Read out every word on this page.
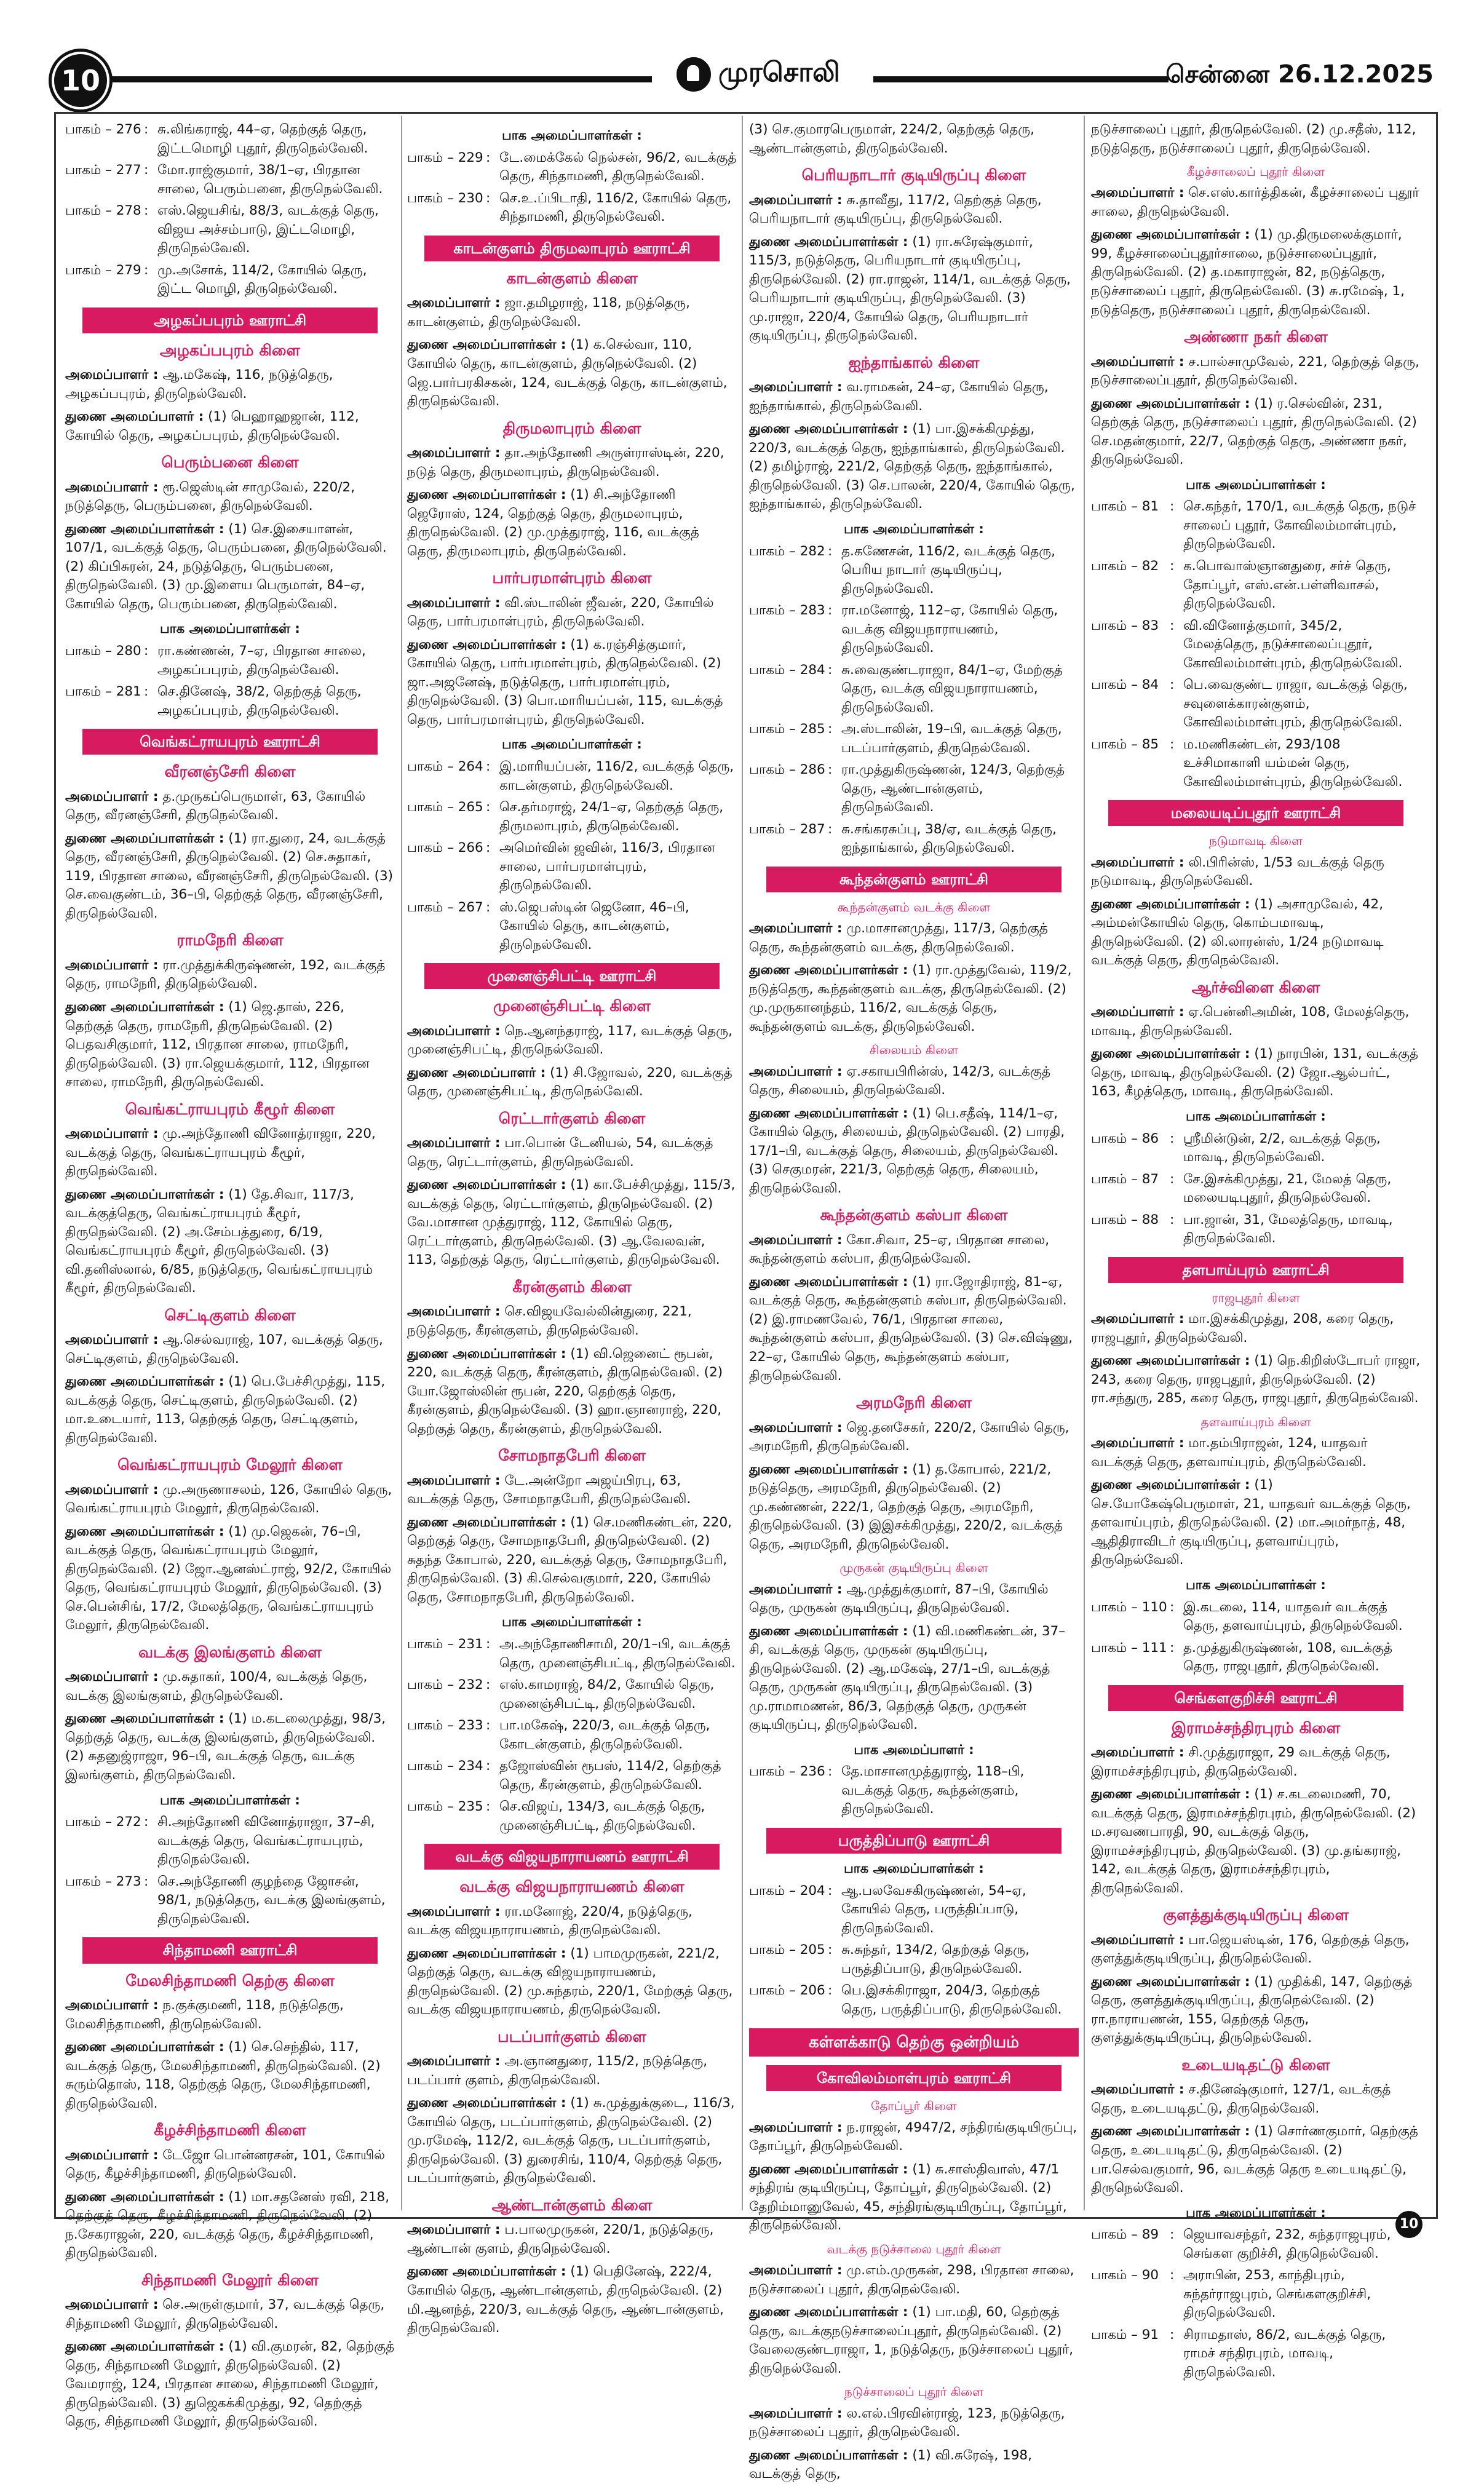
10	முரசொலி	சென்னை 26.12.2025
பாகம் – 276 : சு.லிங்கராஜ், 44–ஏ, தெற்குத் தெரு, இட்டமொழி புதூர், திருநெல்வேலி.
பாகம் – 277 : மோ.ராஜ்குமார், 38/1–ஏ, பிரதான சாலை, பெரும்பனை, திருநெல்வேலி.
பாகம் – 278 : எஸ்.ஜெயசிங், 88/3, வடக்குத் தெரு, விஜய அச்சம்பாடு, இட்டமொழி, திருநெல்வேலி.
பாகம் – 279 : மு.அசோக், 114/2, கோயில் தெரு, இட்ட மொழி, திருநெல்வேலி.
அழகப்பபுரம் ஊராட்சி
அழகப்பபுரம் கிளை

அமைப்பாளர் : ஆ.மகேஷ், 116, நடுத்தெரு, அழகப்பபுரம், திருநெல்வேலி.

துணை அமைப்பாளர் : (1) பெஹாஹஜான், 112, கோயில் தெரு, அழகப்பபுரம், திருநெல்வேலி.

பெரும்பனை கிளை

அமைப்பாளர் : ரூ.ஜெஸ்டின் சாமுவேல், 220/2, நடுத்தெரு, பெரும்பனை, திருநெல்வேலி.

துணை அமைப்பாளர்கள் : (1) செ.இசையாளன், 107/1, வடக்குத் தெரு, பெரும்பனை, திருநெல்வேலி. (2) கிப்பிசுரன், 24, நடுத்தெரு, பெரும்பனை, திருநெல்வேலி. (3) மு.இளைய பெருமாள், 84–ஏ, கோயில் தெரு, பெரும்பனை, திருநெல்வேலி.

பாக அமைப்பாளர்கள் :
பாகம் – 280 : ரா.கண்ணன், 7–ஏ, பிரதான சாலை, அழகப்பபுரம், திருநெல்வேலி.
பாகம் – 281 : செ.தினேஷ், 38/2, தெற்குத் தெரு, அழகப்பபுரம், திருநெல்வேலி.
வெங்கட்ராயபுரம் ஊராட்சி
வீரனஞ்சேரி கிளை

அமைப்பாளர் : த.முருகப்பெருமாள், 63, கோயில் தெரு, வீரனஞ்சேரி, திருநெல்வேலி.

துணை அமைப்பாளர்கள் : (1) ரா.துரை, 24, வடக்குத் தெரு, வீரனஞ்சேரி, திருநெல்வேலி. (2) செ.சுதாகர், 119, பிரதான சாலை, வீரனஞ்சேரி, திருநெல்வேலி. (3) செ.வைகுண்டம், 36–பி, தெற்குத் தெரு, வீரனஞ்சேரி, திருநெல்வேலி.

ராமநேரி கிளை

அமைப்பாளர் : ரா.முத்துக்கிருஷ்ணன், 192, வடக்குத் தெரு, ராமநேரி, திருநெல்வேலி.

துணை அமைப்பாளர்கள் : (1) ஜெ.தாஸ், 226, தெற்குத் தெரு, ராமநேரி, திருநெல்வேலி. (2) பெதவசிகுமார், 112, பிரதான சாலை, ராமநேரி, திருநெல்வேலி. (3) ரா.ஜெயக்குமார், 112, பிரதான சாலை, ராமநேரி, திருநெல்வேலி.

வெங்கட்ராயபுரம் கீழூர் கிளை

அமைப்பாளர் : மு.அந்தோணி வினோத்ராஜா, 220, வடக்குத் தெரு, வெங்கட்ராயபுரம் கீழூர், திருநெல்வேலி.

துணை அமைப்பாளர்கள் : (1) தே.சிவா, 117/3, வடக்குத்தெரு, வெங்கட்ராயபுரம் கீழூர், திருநெல்வேலி. (2) அ.சேம்பத்துரை, 6/19, வெங்கட்ராயபுரம் கீழூர், திருநெல்வேலி. (3) வி.தனிஸ்லால், 6/85, நடுத்தெரு, வெங்கட்ராயபுரம் கீழூர், திருநெல்வேலி.

செட்டிகுளம் கிளை

அமைப்பாளர் : ஆ.செல்வராஜ், 107, வடக்குத் தெரு, செட்டிகுளம், திருநெல்வேலி.

துணை அமைப்பாளர்கள் : (1) பெ.பேச்சிமுத்து, 115, வடக்குத் தெரு, செட்டிகுளம், திருநெல்வேலி. (2) மா.உடையார், 113, தெற்குத் தெரு, செட்டிகுளம், திருநெல்வேலி.

வெங்கட்ராயபுரம் மேலூர் கிளை

அமைப்பாளர் : மு.அருணாசலம், 126, கோயில் தெரு, வெங்கட்ராயபுரம் மேலூர், திருநெல்வேலி.

துணை அமைப்பாளர்கள் : (1) மு.ஜெகன், 76–பி, வடக்குத் தெரு, வெங்கட்ராயபுரம் மேலூர், திருநெல்வேலி. (2) ஜோ.ஆனஸ்ட்ராஜ், 92/2, கோயில் தெரு, வெங்கட்ராயபுரம் மேலூர், திருநெல்வேலி. (3) செ.பென்சிங், 17/2, மேலத்தெரு, வெங்கட்ராயபுரம் மேலூர், திருநெல்வேலி.

வடக்கு இலங்குளம் கிளை

அமைப்பாளர் : மு.சுதாகர், 100/4, வடக்குத் தெரு, வடக்கு இலங்குளம், திருநெல்வேலி.

துணை அமைப்பாளர்கள் : (1) ம.கடலைமுத்து, 98/3, தெற்குத் தெரு, வடக்கு இலங்குளம், திருநெல்வேலி. (2) சுதனுஜ்ராஜா, 96–பி, வடக்குத் தெரு, வடக்கு இலங்குளம், திருநெல்வேலி.

பாக அமைப்பாளர்கள் :
பாகம் – 272 : சி.அந்தோணி வினோத்ராஜா, 37–சி, வடக்குத் தெரு, வெங்கட்ராயபுரம், திருநெல்வேலி.
பாகம் – 273 : செ.அந்தோணி குழந்தை ஜோசன், 98/1, நடுத்தெரு, வடக்கு இலங்குளம், திருநெல்வேலி.
சிந்தாமணி ஊராட்சி
மேலசிந்தாமணி தெற்கு கிளை

அமைப்பாளர் : ந.குக்குமணி, 118, நடுத்தெரு, மேலசிந்தாமணி, திருநெல்வேலி.

துணை அமைப்பாளர்கள் : (1) செ.செந்தில், 117, வடக்குத் தெரு, மேலசிந்தாமணி, திருநெல்வேலி. (2) சுரும்தொஸ், 118, தெற்குத் தெரு, மேலசிந்தாமணி, திருநெல்வேலி.

கீழச்சிந்தாமணி கிளை

அமைப்பாளர் : டேஜோ பொன்னரசன், 101, கோயில் தெரு, கீழச்சிந்தாமணி, திருநெல்வேலி.

துணை அமைப்பாளர்கள் : (1) மா.சதனேஸ் ரவி, 218, தெற்குத் தெரு, கீழச்சிந்தாமணி, திருநெல்வேலி. (2) ந.சேகராஜன், 220, வடக்குத் தெரு, கீழச்சிந்தாமணி, திருநெல்வேலி.

சிந்தாமணி மேலூர் கிளை

அமைப்பாளர் : செ.அருள்குமார், 37, வடக்குத் தெரு, சிந்தாமணி மேலூர், திருநெல்வேலி.

துணை அமைப்பாளர்கள் : (1) வி.குமரன், 82, தெற்குத் தெரு, சிந்தாமணி மேலூர், திருநெல்வேலி. (2) வேமராஜ், 124, பிரதான சாலை, சிந்தாமணி மேலூர், திருநெல்வேலி. (3) துஜெகக்கிமுத்து, 92, தெற்குத் தெரு, சிந்தாமணி மேலூர், திருநெல்வேலி.

பாக அமைப்பாளர்கள் :
பாகம் – 229 : டே.மைக்கேல் நெல்சன், 96/2, வடக்குத் தெரு, சிந்தாமணி, திருநெல்வேலி.
பாகம் – 230 : செ.உ.ப்பிடாதி, 116/2, கோயில் தெரு, சிந்தாமணி, திருநெல்வேலி.
காடன்குளம் திருமலாபுரம் ஊராட்சி
காடன்குளம் கிளை

அமைப்பாளர் : ஜா.தமிழராஜ், 118, நடுத்தெரு, காடன்குளம், திருநெல்வேலி.

துணை அமைப்பாளர்கள் : (1) க.செல்வா, 110, கோயில் தெரு, காடன்குளம், திருநெல்வேலி. (2) ஜெ.பார்பரகிசகன், 124, வடக்குத் தெரு, காடன்குளம், திருநெல்வேலி.

திருமலாபுரம் கிளை

அமைப்பாளர் : தா.அந்தோணி அருள்ராஸ்டின், 220, நடுத் தெரு, திருமலாபுரம், திருநெல்வேலி.

துணை அமைப்பாளர்கள் : (1) சி.அந்தோணி ஜெரோஸ், 124, தெற்குத் தெரு, திருமலாபுரம், திருநெல்வேலி. (2) மு.முத்துராஜ், 116, வடக்குத் தெரு, திருமலாபுரம், திருநெல்வேலி.

பார்பரமாள்புரம் கிளை

அமைப்பாளர் : வி.ஸ்டாலின் ஜீவன், 220, கோயில் தெரு, பார்பரமாள்புரம், திருநெல்வேலி.

துணை அமைப்பாளர்கள் : (1) க.ரஞ்சித்குமார், கோயில் தெரு, பார்பரமாள்புரம், திருநெல்வேலி. (2) ஜா.அஜனேஷ், நடுத்தெரு, பார்பரமாள்புரம், திருநெல்வேலி. (3) பொ.மாரியப்பன், 115, வடக்குத் தெரு, பார்பரமாள்புரம், திருநெல்வேலி.

பாக அமைப்பாளர்கள் :
பாகம் – 264 : இ.மாரியப்பன், 116/2, வடக்குத் தெரு, காடன்குளம், திருநெல்வேலி.
பாகம் – 265 : செ.தர்மராஜ், 24/1–ஏ, தெற்குத் தெரு, திருமலாபுரம், திருநெல்வேலி.
பாகம் – 266 : அமெர்வின் ஜவின், 116/3, பிரதான சாலை, பார்பரமாள்புரம், திருநெல்வேலி.
பாகம் – 267 : ஸ்.ஜெபஸ்டின் ஜெனோ, 46–பி, கோயில் தெரு, காடன்குளம், திருநெல்வேலி.
முனைஞ்சிபட்டி ஊராட்சி
முனைஞ்சிபட்டி கிளை

அமைப்பாளர் : நெ.ஆனந்தராஜ், 117, வடக்குத் தெரு, முனைஞ்சிபட்டி, திருநெல்வேலி.

துணை அமைப்பாளர் : (1) சி.ஜோவல், 220, வடக்குத் தெரு, முனைஞ்சிபட்டி, திருநெல்வேலி.

ரெட்டார்குளம் கிளை

அமைப்பாளர் : பா.பொன் டேனியல், 54, வடக்குத் தெரு, ரெட்டார்குளம், திருநெல்வேலி.

துணை அமைப்பாளர்கள் : (1) கா.பேச்சிமுத்து, 115/3, வடக்குத் தெரு, ரெட்டார்குளம், திருநெல்வேலி. (2) வே.மாசான முத்துராஜ், 112, கோயில் தெரு, ரெட்டார்குளம், திருநெல்வேலி. (3) ஆ.வேலவன், 113, தெற்குத் தெரு, ரெட்டார்குளம், திருநெல்வேலி.

கீரன்குளம் கிளை

அமைப்பாளர் : செ.விஜயவேல்லின்துரை, 221, நடுத்தெரு, கீரன்குளம், திருநெல்வேலி.

துணை அமைப்பாளர்கள் : (1) வி.ஜெனைட் ரூபன், 220, வடக்குத் தெரு, கீரன்குளம், திருநெல்வேலி. (2) யோ.ஜோஸ்லின் ரூபன், 220, தெற்குத் தெரு, கீரன்குளம், திருநெல்வேலி. (3) ஹா.ஞானராஜ், 220, தெற்குத் தெரு, கீரன்குளம், திருநெல்வேலி.

சோமநாதபேரி கிளை

அமைப்பாளர் : டே.அன்றோ அஜய்பிரபு, 63, வடக்குத் தெரு, சோமநாதபேரி, திருநெல்வேலி.

துணை அமைப்பாளர்கள் : (1) செ.மணிகண்டன், 220, தெற்குத் தெரு, சோமநாதபேரி, திருநெல்வேலி. (2) சுதந்த கோபால், 220, வடக்குத் தெரு, சோமநாதபேரி, திருநெல்வேலி. (3) கி.செல்வகுமார், 220, கோயில் தெரு, சோமநாதபேரி, திருநெல்வேலி.

பாக அமைப்பாளர்கள் :
பாகம் – 231 : அ.அந்தோணிசாமி, 20/1–பி, வடக்குத் தெரு, முனைஞ்சிபட்டி, திருநெல்வேலி.
பாகம் – 232 : எஸ்.காமராஜ், 84/2, கோயில் தெரு, முனைஞ்சிபட்டி, திருநெல்வேலி.
பாகம் – 233 : பா.மகேஷ், 220/3, வடக்குத் தெரு, கோடன்குளம், திருநெல்வேலி.
பாகம் – 234 : தஜோஸ்வின் ரூபஸ், 114/2, தெற்குத் தெரு, கீரன்குளம், திருநெல்வேலி.
பாகம் – 235 : செ.விஜய், 134/3, வடக்குத் தெரு, முனைஞ்சிபட்டி, திருநெல்வேலி.
வடக்கு விஜயநாராயணம் ஊராட்சி
வடக்கு விஜயநாராயணம் கிளை

அமைப்பாளர் : ரா.மனோஜ், 220/4, நடுத்தெரு, வடக்கு விஜயநாராயணம், திருநெல்வேலி.

துணை அமைப்பாளர்கள் : (1) பாமமுருகன், 221/2, தெற்குத் தெரு, வடக்கு விஜயநாராயணம், திருநெல்வேலி. (2) மு.சுந்தரம், 220/1, மேற்குத் தெரு, வடக்கு விஜயநாராயணம், திருநெல்வேலி.

படப்பார்குளம் கிளை

அமைப்பாளர் : அ.ஞானதுரை, 115/2, நடுத்தெரு, படப்பார் குளம், திருநெல்வேலி.

துணை அமைப்பாளர்கள் : (1) சு.முத்துக்குடை, 116/3, கோயில் தெரு, படப்பார்குளம், திருநெல்வேலி. (2) மு.ரமேஷ், 112/2, வடக்குத் தெரு, படப்பார்குளம், திருநெல்வேலி. (3) துரைசிங், 110/4, தெற்குத் தெரு, படப்பார்குளம், திருநெல்வேலி.

ஆண்டான்குளம் கிளை

அமைப்பாளர் : ப.பாலமுருகன், 220/1, நடுத்தெரு, ஆண்டான் குளம், திருநெல்வேலி.

துணை அமைப்பாளர்கள் : (1) பெதினேஷ், 222/4, கோயில் தெரு, ஆண்டான்குளம், திருநெல்வேலி. (2) மி.ஆனந்த், 220/3, வடக்குத் தெரு, ஆண்டான்குளம், திருநெல்வேலி.

(3) செ.குமாரபெருமாள், 224/2, தெற்குத் தெரு, ஆண்டான்குளம், திருநெல்வேலி.

பெரியநாடார் குடியிருப்பு கிளை

அமைப்பாளர் : சு.தாவீது, 117/2, தெற்குத் தெரு, பெரியநாடார் குடியிருப்பு, திருநெல்வேலி.

துணை அமைப்பாளர்கள் : (1) ரா.சுரேஷ்குமார், 115/3, நடுத்தெரு, பெரியநாடார் குடியிருப்பு, திருநெல்வேலி. (2) ரா.ராஜன், 114/1, வடக்குத் தெரு, பெரியநாடார் குடியிருப்பு, திருநெல்வேலி. (3) மு.ராஜா, 220/4, கோயில் தெரு, பெரியநாடார் குடியிருப்பு, திருநெல்வேலி.

ஐந்தாங்கால் கிளை

அமைப்பாளர் : வ.ராமகன், 24–ஏ, கோயில் தெரு, ஐந்தாங்கால், திருநெல்வேலி.

துணை அமைப்பாளர்கள் : (1) பா.இசக்கிமுத்து, 220/3, வடக்குத் தெரு, ஐந்தாங்கால், திருநெல்வேலி. (2) தமிழ்ராஜ், 221/2, தெற்குத் தெரு, ஐந்தாங்கால், திருநெல்வேலி. (3) செ.பாலன், 220/4, கோயில் தெரு, ஐந்தாங்கால், திருநெல்வேலி.

பாக அமைப்பாளர்கள் :
பாகம் – 282 : த.கணேசன், 116/2, வடக்குத் தெரு, பெரிய நாடார் குடியிருப்பு, திருநெல்வேலி.
பாகம் – 283 : ரா.மனோஜ், 112–ஏ, கோயில் தெரு, வடக்கு விஜயநாராயணம், திருநெல்வேலி.
பாகம் – 284 : சு.வைகுண்டராஜா, 84/1–ஏ, மேற்குத் தெரு, வடக்கு விஜயநாராயணம், திருநெல்வேலி.
பாகம் – 285 : அ.ஸ்டாலின், 19–பி, வடக்குத் தெரு, படப்பார்குளம், திருநெல்வேலி.
பாகம் – 286 : ரா.முத்துகிருஷ்ணன், 124/3, தெற்குத் தெரு, ஆண்டான்குளம், திருநெல்வேலி.
பாகம் – 287 : சு.சங்கரசுப்பு, 38/ஏ, வடக்குத் தெரு, ஐந்தாங்கால், திருநெல்வேலி.
கூந்தன்குளம் ஊராட்சி
கூந்தன்குளம் வடக்கு கிளை

அமைப்பாளர் : மு.மாசானமுத்து, 117/3, தெற்குத் தெரு, கூந்தன்குளம் வடக்கு, திருநெல்வேலி.

துணை அமைப்பாளர்கள் : (1) ரா.முத்துவேல், 119/2, நடுத்தெரு, கூந்தன்குளம் வடக்கு, திருநெல்வேலி. (2) மு.முருகானந்தம், 116/2, வடக்குத் தெரு, கூந்தன்குளம் வடக்கு, திருநெல்வேலி.

சிலையம் கிளை

அமைப்பாளர் : ஏ.சகாயபிரின்ஸ், 142/3, வடக்குத் தெரு, சிலையம், திருநெல்வேலி.

துணை அமைப்பாளர்கள் : (1) பெ.சதீஷ், 114/1–ஏ, கோயில் தெரு, சிலையம், திருநெல்வேலி. (2) பாரதி, 17/1–பி, வடக்குத் தெரு, சிலையம், திருநெல்வேலி. (3) செகுமரன், 221/3, தெற்குத் தெரு, சிலையம், திருநெல்வேலி.

கூந்தன்குளம் கஸ்பா கிளை

அமைப்பாளர் : கோ.சிவா, 25–ஏ, பிரதான சாலை, கூந்தன்குளம் கஸ்பா, திருநெல்வேலி.

துணை அமைப்பாளர்கள் : (1) ரா.ஜோதிராஜ், 81–ஏ, வடக்குத் தெரு, கூந்தன்குளம் கஸ்பா, திருநெல்வேலி. (2) இ.ராமணவேல், 76/1, பிரதான சாலை, கூந்தன்குளம் கஸ்பா, திருநெல்வேலி. (3) செ.விஷ்ணு, 22–ஏ, கோயில் தெரு, கூந்தன்குளம் கஸ்பா, திருநெல்வேலி.

அரமநேரி கிளை

அமைப்பாளர் : ஜெ.தனசேகர், 220/2, கோயில் தெரு, அரமநேரி, திருநெல்வேலி.

துணை அமைப்பாளர்கள் : (1) த.கோபால், 221/2, நடுத்தெரு, அரமநேரி, திருநெல்வேலி. (2) மு.கண்ணன், 222/1, தெற்குத் தெரு, அரமநேரி, திருநெல்வேலி. (3) இஇசக்கிமுத்து, 220/2, வடக்குத் தெரு, அரமநேரி, திருநெல்வேலி.

முருகன் குடியிருப்பு கிளை

அமைப்பாளர் : ஆ.முத்துக்குமார், 87–பி, கோயில் தெரு, முருகன் குடியிருப்பு, திருநெல்வேலி.

துணை அமைப்பாளர்கள் : (1) வி.மணிகண்டன், 37–சி, வடக்குத் தெரு, முருகன் குடியிருப்பு, திருநெல்வேலி. (2) ஆ.மகேஷ், 27/1–பி, வடக்குத் தெரு, முருகன் குடியிருப்பு, திருநெல்வேலி. (3) மு.ராமாமணன், 86/3, தெற்குத் தெரு, முருகன் குடியிருப்பு, திருநெல்வேலி.

பாக அமைப்பாளர் :
பாகம் – 236 : தே.மாசானமுத்துராஜ், 118–பி, வடக்குத் தெரு, கூந்தன்குளம், திருநெல்வேலி.
பருத்திப்பாடு ஊராட்சி
பாக அமைப்பாளர்கள் :
பாகம் – 204 : ஆ.பலவேசகிருஷ்ணன், 54–ஏ, கோயில் தெரு, பருத்திப்பாடு, திருநெல்வேலி.
பாகம் – 205 : சு.சுந்தர், 134/2, தெற்குத் தெரு, பருத்திப்பாடு, திருநெல்வேலி.
பாகம் – 206 : பெ.இசக்கிராஜா, 204/3, தெற்குத் தெரு, பருத்திப்பாடு, திருநெல்வேலி.
கள்ளக்காடு தெற்கு ஒன்றியம்
கோவிலம்மாள்புரம் ஊராட்சி
தோப்பூர் கிளை

அமைப்பாளர் : ந.ராஜன், 4947/2, சந்திரங்குடியிருப்பு, தோப்பூர், திருநெல்வேலி.

துணை அமைப்பாளர்கள் : (1) சு.சாஸ்திவாஸ், 47/1 சந்திரங் குடியிருப்பு, தோப்பூர், திருநெல்வேலி. (2) தேறிம்மானுவேல், 45, சந்திரங்குடியிருப்பு, தோப்பூர், திருநெல்வேலி.

வடக்கு நடுச்சாலை புதூர் கிளை

அமைப்பாளர் : மு.எம்.முருகன், 298, பிரதான சாலை, நடுச்சாலைப் புதூர், திருநெல்வேலி.

துணை அமைப்பாளர்கள் : (1) பா.மதி, 60, தெற்குத் தெரு, வடக்குநடுச்சாலைப்புதூர், திருநெல்வேலி. (2) வேலைகுண்டராஜா, 1, நடுத்தெரு, நடுச்சாலைப் புதூர், திருநெல்வேலி.

நடுச்சாலைப் புதூர் கிளை

அமைப்பாளர் : ல.எல்.பிரவின்ராஜ், 123, நடுத்தெரு, நடுச்சாலைப் புதூர், திருநெல்வேலி.

துணை அமைப்பாளர்கள் : (1) வி.சுரேஷ், 198, வடக்குத் தெரு,

நடுச்சாலைப் புதூர், திருநெல்வேலி. (2) மு.சதீஸ், 112, நடுத்தெரு, நடுச்சாலைப் புதூர், திருநெல்வேலி.

கீழச்சாலைப் புதூர் கிளை

அமைப்பாளர் : செ.எஸ்.கார்த்திகன், கீழச்சாலைப் புதூர் சாலை, திருநெல்வேலி.

துணை அமைப்பாளர்கள் : (1) மு.திருமலைக்குமார், 99, கீழச்சாலைப்புதூர்சாலை, நடுச்சாலைப்புதூர், திருநெல்வேலி. (2) த.மகாராஜன், 82, நடுத்தெரு, நடுச்சாலைப் புதூர், திருநெல்வேலி. (3) சு.ரமேஷ், 1, நடுத்தெரு, நடுச்சாலைப் புதூர், திருநெல்வேலி.

அண்ணா நகர் கிளை

அமைப்பாளர் : ச.பால்சாமுவேல், 221, தெற்குத் தெரு, நடுச்சாலைப்புதூர், திருநெல்வேலி.

துணை அமைப்பாளர்கள் : (1) ர.செல்வின், 231, தெற்குத் தெரு, நடுச்சாலைப் புதூர், திருநெல்வேலி. (2) செ.மதன்குமார், 22/7, தெற்குத் தெரு, அண்ணா நகர், திருநெல்வேலி.

பாக அமைப்பாளர்கள் :
பாகம் – 81 : செ.கந்தர், 170/1, வடக்குத் தெரு, நடுச் சாலைப் புதூர், கோவிலம்மாள்புரம், திருநெல்வேலி.
பாகம் – 82 : க.பொவாஸ்ஞானதுரை, சர்ச் தெரு, தோப்பூர், எஸ்.என்.பள்ளிவாசல், திருநெல்வேலி.
பாகம் – 83 : வி.வினோத்குமார், 345/2, மேலத்தெரு, நடுச்சாலைப்புதூர், கோவிலம்மாள்புரம், திருநெல்வேலி.
பாகம் – 84 : பெ.வைகுண்ட ராஜா, வடக்குத் தெரு, சவுளைக்காரன்குளம், கோவிலம்மாள்புரம், திருநெல்வேலி.
பாகம் – 85 : ம.மணிகண்டன், 293/108 உச்சிமாகாளி யம்மன் தெரு, கோவிலம்மாள்புரம், திருநெல்வேலி.
மலையடிப்புதூர் ஊராட்சி
நடுமாவடி கிளை

அமைப்பாளர் : லி.பிரின்ஸ், 1/53 வடக்குத் தெரு நடுமாவடி, திருநெல்வேலி.

துணை அமைப்பாளர்கள் : (1) அசாமுவேல், 42, அம்மன்கோயில் தெரு, கொம்பமாவடி, திருநெல்வேலி. (2) லி.லாரன்ஸ், 1/24 நடுமாவடி வடக்குத் தெரு, திருநெல்வேலி.

ஆர்ச்விளை கிளை

அமைப்பாளர் : ஏ.பென்னிஅமின், 108, மேலத்தெரு, மாவடி, திருநெல்வேலி.

துணை அமைப்பாளர்கள் : (1) நாரபின், 131, வடக்குத் தெரு, மாவடி, திருநெல்வேலி. (2) ஜோ.ஆல்பர்ட், 163, கீழத்தெரு, மாவடி, திருநெல்வேலி.

பாக அமைப்பாளர்கள் :
பாகம் – 86 : ஸ்ரீமின்டுன், 2/2, வடக்குத் தெரு, மாவடி, திருநெல்வேலி.
பாகம் – 87 : சே.இசக்கிமுத்து, 21, மேலத் தெரு, மலையடிபுதூர், திருநெல்வேலி.
பாகம் – 88 : பா.ஜான், 31, மேலத்தெரு, மாவடி, திருநெல்வேலி.
தளபாய்புரம் ஊராட்சி
ராஜபுதூர் கிளை

அமைப்பாளர் : மா.இசக்கிமுத்து, 208, கரை தெரு, ராஜபுதூர், திருநெல்வேலி.

துணை அமைப்பாளர்கள் : (1) நெ.கிறிஸ்டோபர் ராஜா, 243, கரை தெரு, ராஜபுதூர், திருநெல்வேலி. (2) ரா.சந்துரு, 285, கரை தெரு, ராஜபுதூர், திருநெல்வேலி.

தளவாய்புரம் கிளை

அமைப்பாளர் : மா.தம்பிராஜன், 124, யாதவர் வடக்குத் தெரு, தளவாய்புரம், திருநெல்வேலி.

துணை அமைப்பாளர்கள் : (1) செ.யோகேஷ்பெருமாள், 21, யாதவர் வடக்குத் தெரு, தளவாய்புரம், திருநெல்வேலி. (2) மா.அமர்நாத், 48, ஆதிதிராவிடர் குடியிருப்பு, தளவாய்புரம், திருநெல்வேலி.

பாக அமைப்பாளர்கள் :
பாகம் – 110 : இ.கடலை, 114, யாதவர் வடக்குத் தெரு, தளவாய்புரம், திருநெல்வேலி.
பாகம் – 111 : த.முத்துகிருஷ்ணன், 108, வடக்குத் தெரு, ராஜபுதூர், திருநெல்வேலி.
செங்களகுறிச்சி ஊராட்சி
இராமச்சந்திரபுரம் கிளை

அமைப்பாளர் : சி.முத்துராஜா, 29 வடக்குத் தெரு, இராமச்சந்திரபுரம், திருநெல்வேலி.

துணை அமைப்பாளர்கள் : (1) ச.கடலைமணி, 70, வடக்குத் தெரு, இராமச்சந்திரபுரம், திருநெல்வேலி. (2) ம.சரவணபாரதி, 90, வடக்குத் தெரு, இராமச்சந்திரபுரம், திருநெல்வேலி. (3) மு.தங்கராஜ், 142, வடக்குத் தெரு, இராமச்சந்திரபுரம், திருநெல்வேலி.

குளத்துக்குடியிருப்பு கிளை

அமைப்பாளர் : பா.ஜெயஸ்டின், 176, தெற்குத் தெரு, குளத்துக்குடியிருப்பு, திருநெல்வேலி.

துணை அமைப்பாளர்கள் : (1) முதிக்கி, 147, தெற்குத் தெரு, குளத்துக்குடியிருப்பு, திருநெல்வேலி. (2) ரா.நாராயணன், 155, தெற்குத் தெரு, குளத்துக்குடியிருப்பு, திருநெல்வேலி.

உடையடிதட்டு கிளை

அமைப்பாளர் : ச.தினேஷ்குமார், 127/1, வடக்குத் தெரு, உடையடிதட்டு, திருநெல்வேலி.

துணை அமைப்பாளர்கள் : (1) சொர்ணகுமார், தெற்குத் தெரு, உடையடிதட்டு, திருநெல்வேலி. (2) பா.செல்வகுமார், 96, வடக்குத் தெரு உடையடிதட்டு, திருநெல்வேலி.

பாக அமைப்பாளர்கள் :
பாகம் – 89 : ஜெயாவசந்தர், 232, சுந்தராஜபுரம், செங்கள குறிச்சி, திருநெல்வேலி.
பாகம் – 90 : அராபின், 253, காந்திபுரம், சுந்தர்ராஜபுரம், செங்களகுறிச்சி, திருநெல்வேலி.
பாகம் – 91 : சிராமதாஸ், 86/2, வடக்குத் தெரு, ராமச் சந்திரபுரம், மாவடி, திருநெல்வேலி.
10
